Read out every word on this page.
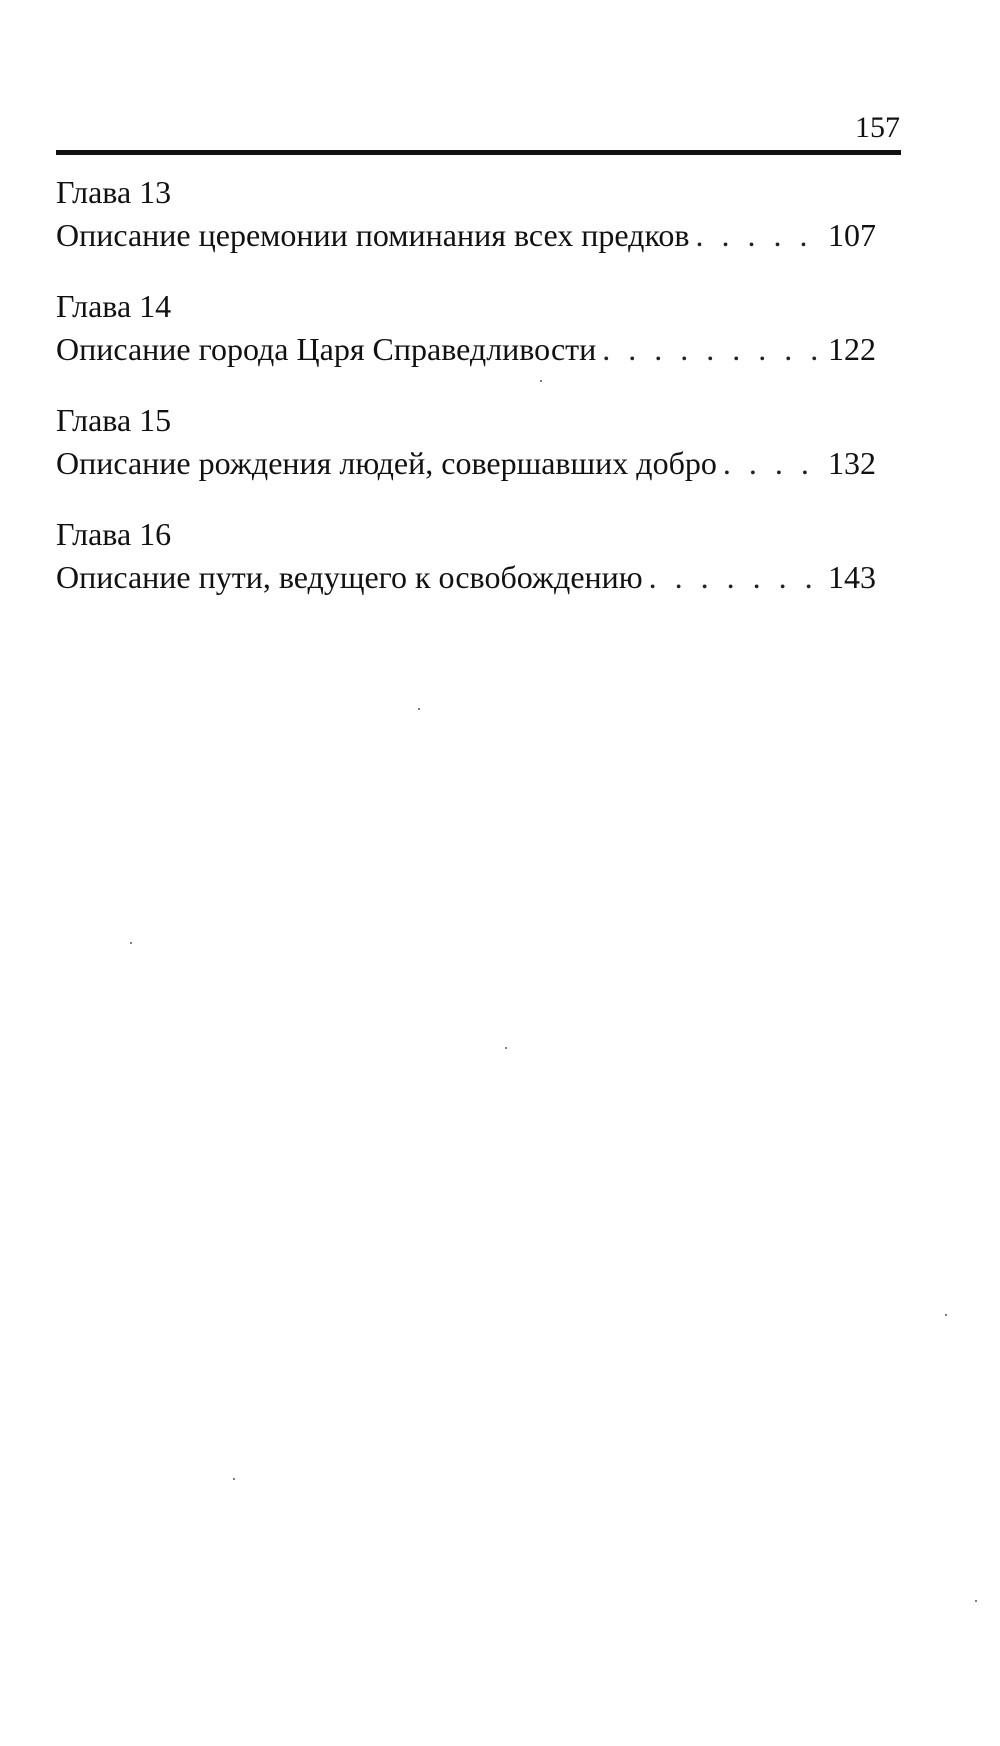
157
Глава 13
Описание церемонии поминания всех предков . . .	107
Глава 14
Описание города Царя Справедливости . . .	122
Глава 15
Описание рождения людей, совершавших добро . . .	132
Глава 16
Описание пути, ведущего к освобождению . . .	143
